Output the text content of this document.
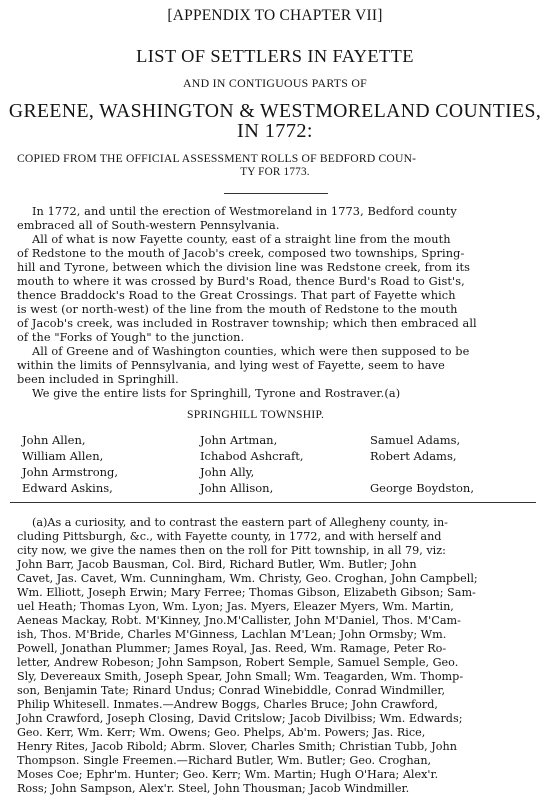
[APPENDIX TO CHAPTER VII]
LIST OF SETTLERS IN FAYETTE
AND IN CONTIGUOUS PARTS OF
GREENE, WASHINGTON & WESTMORELAND COUNTIES,
IN 1772:
COPIED FROM THE OFFICIAL ASSESSMENT ROLLS OF BEDFORD COUN-
TY FOR 1773.
In 1772, and until the erection of Westmoreland in 1773, Bedford county
embraced all of South-western Pennsylvania.
All of what is now Fayette county, east of a straight line from the mouth
of Redstone to the mouth of Jacob's creek, composed two townships, Spring-
hill and Tyrone, between which the division line was Redstone creek, from its
mouth to where it was crossed by Burd's Road, thence Burd's Road to Gist's,
thence Braddock's Road to the Great Crossings. That part of Fayette which
is west (or north-west) of the line from the mouth of Redstone to the mouth
of Jacob's creek, was included in Rostraver township; which then embraced all
of the "Forks of Yough" to the junction.
All of Greene and of Washington counties, which were then supposed to be
within the limits of Pennsylvania, and lying west of Fayette, seem to have
been included in Springhill.
We give the entire lists for Springhill, Tyrone and Rostraver.(a)
SPRINGHILL TOWNSHIP.
John Allen,
William Allen,
John Armstrong,
Edward Askins,
John Artman,
Ichabod Ashcraft,
John Ally,
John Allison,
Samuel Adams,
Robert Adams,
George Boydston,
(a)As a curiosity, and to contrast the eastern part of Allegheny county, in-
cluding Pittsburgh, &c., with Fayette county, in 1772, and with herself and
city now, we give the names then on the roll for Pitt township, in all 79, viz:
John Barr, Jacob Bausman, Col. Bird, Richard Butler, Wm. Butler; John
Cavet, Jas. Cavet, Wm. Cunningham, Wm. Christy, Geo. Croghan, John Campbell;
Wm. Elliott, Joseph Erwin; Mary Ferree; Thomas Gibson, Elizabeth Gibson; Sam-
uel Heath; Thomas Lyon, Wm. Lyon; Jas. Myers, Eleazer Myers, Wm. Martin,
Aeneas Mackay, Robt. M'Kinney, Jno.M'Callister, John M'Daniel, Thos. M'Cam-
ish, Thos. M'Bride, Charles M'Ginness, Lachlan M'Lean; John Ormsby; Wm.
Powell, Jonathan Plummer; James Royal, Jas. Reed, Wm. Ramage, Peter Ro-
letter, Andrew Robeson; John Sampson, Robert Semple, Samuel Semple, Geo.
Sly, Devereaux Smith, Joseph Spear, John Small; Wm. Teagarden, Wm. Thomp-
son, Benjamin Tate; Rinard Undus; Conrad Winebiddle, Conrad Windmiller,
Philip Whitesell. Inmates.—Andrew Boggs, Charles Bruce; John Crawford,
John Crawford, Joseph Closing, David Critslow; Jacob Divilbiss; Wm. Edwards;
Geo. Kerr, Wm. Kerr; Wm. Owens; Geo. Phelps, Ab'm. Powers; Jas. Rice,
Henry Rites, Jacob Ribold; Abrm. Slover, Charles Smith; Christian Tubb, John
Thompson. Single Freemen.—Richard Butler, Wm. Butler; Geo. Croghan,
Moses Coe; Ephr'm. Hunter; Geo. Kerr; Wm. Martin; Hugh O'Hara; Alex'r.
Ross; John Sampson, Alex'r. Steel, John Thousman; Jacob Windmiller.
